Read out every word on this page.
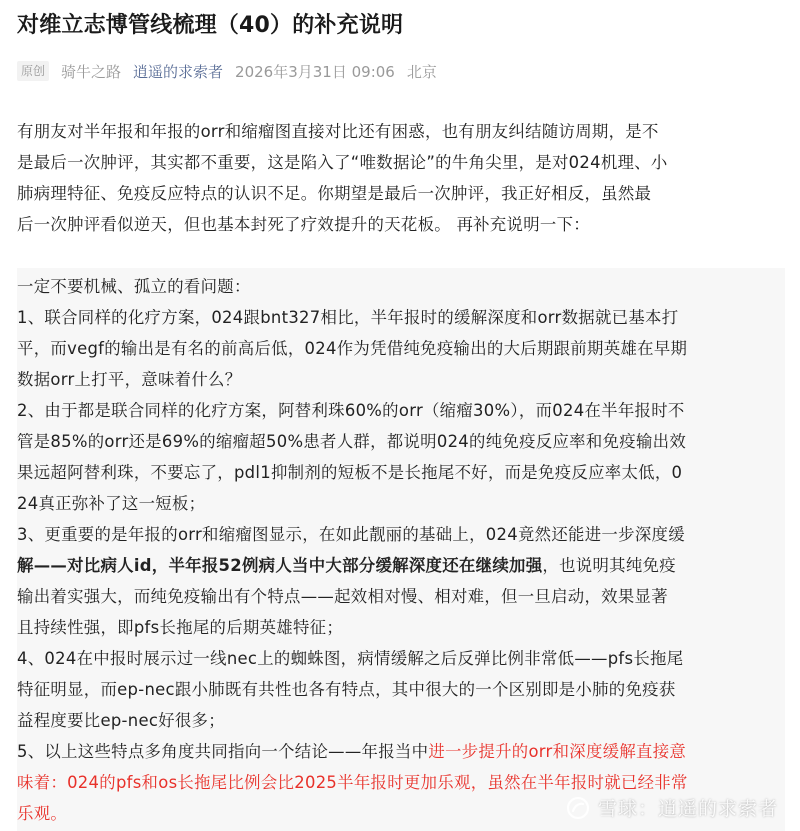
对维立志博管线梳理（40）的补充说明
原创 骑牛之路 逍遥的求索者 2026年3月31日 09:06 北京

有朋友对半年报和年报的orr和缩瘤图直接对比还有困惑，也有朋友纠结随访周期，是不
是最后一次肿评，其实都不重要，这是陷入了“唯数据论”的牛角尖里，是对024机理、小
肺病理特征、免疫反应特点的认识不足。你期望是最后一次肿评，我正好相反，虽然最
后一次肿评看似逆天，但也基本封死了疗效提升的天花板。 再补充说明一下：

一定不要机械、孤立的看问题：
1、联合同样的化疗方案，024跟bnt327相比，半年报时的缓解深度和orr数据就已基本打
平，而vegf的输出是有名的前高后低，024作为凭借纯免疫输出的大后期跟前期英雄在早期
数据orr上打平，意味着什么？
2、由于都是联合同样的化疗方案，阿替利珠60%的orr（缩瘤30%），而024在半年报时不
管是85%的orr还是69%的缩瘤超50%患者人群，都说明024的纯免疫反应率和免疫输出效
果远超阿替利珠，不要忘了，pdl1抑制剂的短板不是长拖尾不好，而是免疫反应率太低，0
24真正弥补了这一短板；
3、更重要的是年报的orr和缩瘤图显示，在如此靓丽的基础上，024竟然还能进一步深度缓
解——对比病人id，半年报52例病人当中大部分缓解深度还在继续加强，也说明其纯免疫
输出着实强大，而纯免疫输出有个特点——起效相对慢、相对难，但一旦启动，效果显著
且持续性强，即pfs长拖尾的后期英雄特征；
4、024在中报时展示过一线nec上的蜘蛛图，病情缓解之后反弹比例非常低——pfs长拖尾
特征明显，而ep-nec跟小肺既有共性也各有特点，其中很大的一个区别即是小肺的免疫获
益程度要比ep-nec好很多；
5、以上这些特点多角度共同指向一个结论——年报当中进一步提升的orr和深度缓解直接意
味着：024的pfs和os长拖尾比例会比2025半年报时更加乐观，虽然在半年报时就已经非常
乐观。	雪球：逍遥的求索者
